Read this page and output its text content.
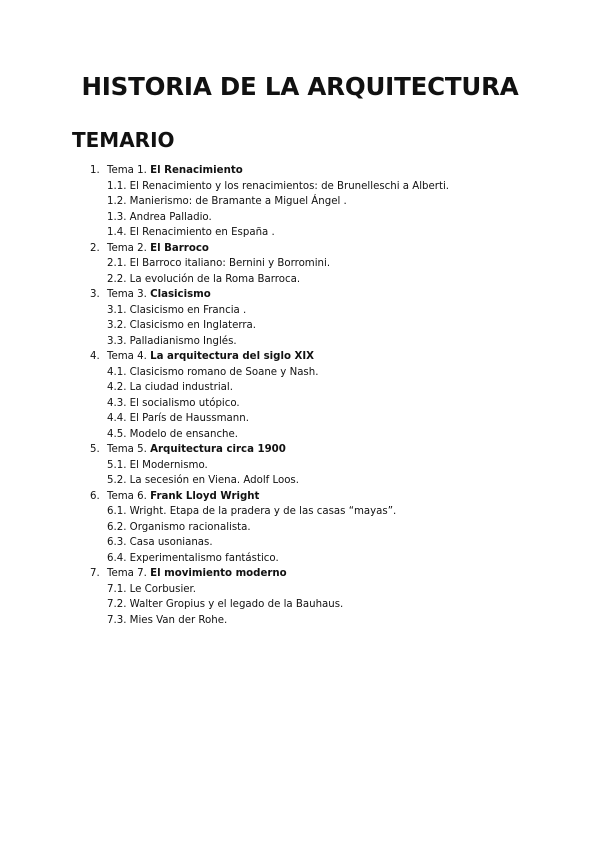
HISTORIA DE LA ARQUITECTURA
TEMARIO
1. Tema 1. El Renacimiento
1.1. El Renacimiento y los renacimientos: de Brunelleschi a Alberti.
1.2. Manierismo: de Bramante a Miguel Ángel .
1.3. Andrea Palladio.
1.4. El Renacimiento en España .
2. Tema 2. El Barroco
2.1. El Barroco italiano: Bernini y Borromini.
2.2. La evolución de la Roma Barroca.
3. Tema 3. Clasicismo
3.1. Clasicismo en Francia .
3.2. Clasicismo en Inglaterra.
3.3. Palladianismo Inglés.
4. Tema 4. La arquitectura del siglo XIX
4.1. Clasicismo romano de Soane y Nash.
4.2. La ciudad industrial.
4.3. El socialismo utópico.
4.4. El París de Haussmann.
4.5. Modelo de ensanche.
5. Tema 5. Arquitectura circa 1900
5.1. El Modernismo.
5.2. La secesión en Viena. Adolf Loos.
6. Tema 6. Frank Lloyd Wright
6.1. Wright. Etapa de la pradera y de las casas “mayas”.
6.2. Organismo racionalista.
6.3. Casa usonianas.
6.4. Experimentalismo fantástico.
7. Tema 7. El movimiento moderno
7.1. Le Corbusier.
7.2. Walter Gropius y el legado de la Bauhaus.
7.3. Mies Van der Rohe.
